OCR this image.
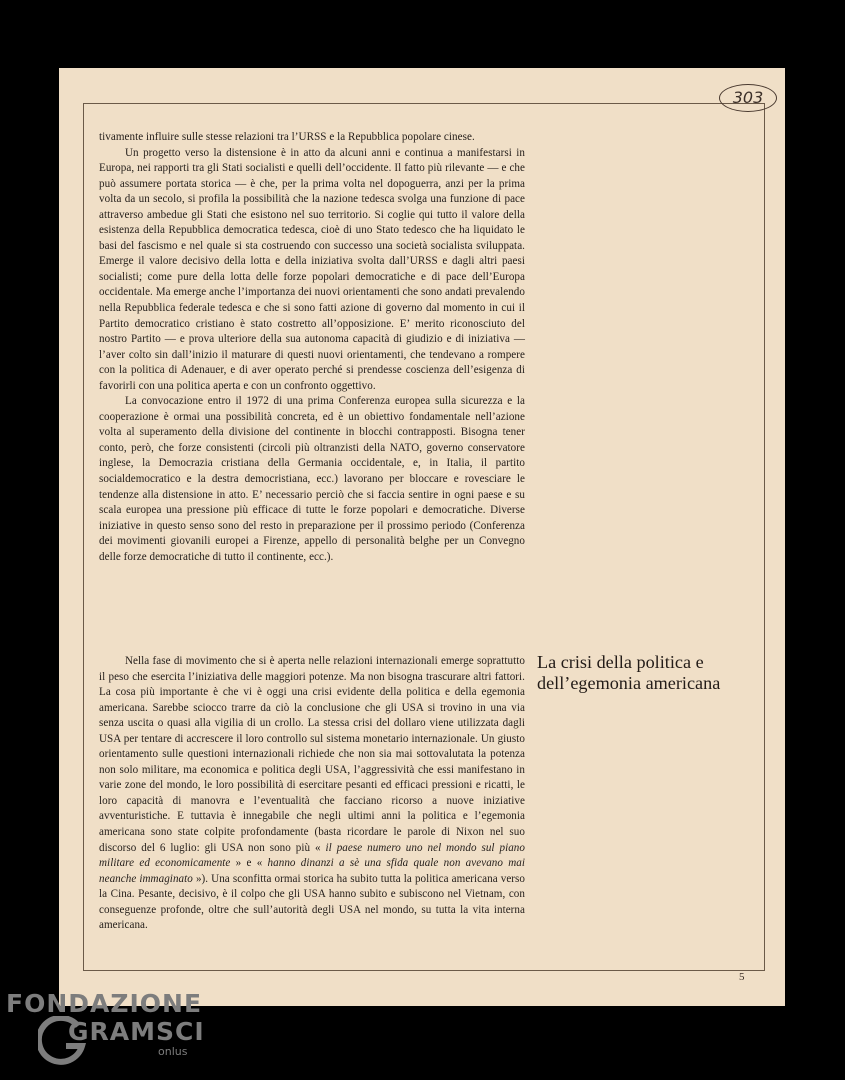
303

tivamente influire sulle stesse relazioni tra l’URSS e la Repubblica popolare cinese.

Un progetto verso la distensione è in atto da alcuni anni e continua a manifestarsi in Europa, nei rapporti tra gli Stati socialisti e quelli dell’occidente. Il fatto più rilevante — e che può assumere portata storica — è che, per la prima volta nel dopoguerra, anzi per la prima volta da un secolo, si profila la possibilità che la nazione tedesca svolga una funzione di pace attraverso ambedue gli Stati che esistono nel suo territorio. Si coglie qui tutto il valore della esistenza della Repubblica democratica tedesca, cioè di uno Stato tedesco che ha liquidato le basi del fascismo e nel quale si sta costruendo con successo una società socialista sviluppata. Emerge il valore decisivo della lotta e della iniziativa svolta dall’URSS e dagli altri paesi socialisti; come pure della lotta delle forze popolari democratiche e di pace dell’Europa occidentale. Ma emerge anche l’importanza dei nuovi orientamenti che sono andati prevalendo nella Repubblica federale tedesca e che si sono fatti azione di governo dal momento in cui il Partito democratico cristiano è stato costretto all’opposizione. E’ merito riconosciuto del nostro Partito — e prova ulteriore della sua autonoma capacità di giudizio e di iniziativa — l’aver colto sin dall’inizio il maturare di questi nuovi orientamenti, che tendevano a rompere con la politica di Adenauer, e di aver operato perché si prendesse coscienza dell’esigenza di favorirli con una politica aperta e con un confronto oggettivo.

La convocazione entro il 1972 di una prima Conferenza europea sulla sicurezza e la cooperazione è ormai una possibilità concreta, ed è un obiettivo fondamentale nell’azione volta al superamento della divisione del continente in blocchi contrapposti. Bisogna tener conto, però, che forze consistenti (circoli più oltranzisti della NATO, governo conservatore inglese, la Democrazia cristiana della Germania occidentale, e, in Italia, il partito socialdemocratico e la destra democristiana, ecc.) lavorano per bloccare e rovesciare le tendenze alla distensione in atto. E’ necessario perciò che si faccia sentire in ogni paese e su scala europea una pressione più efficace di tutte le forze popolari e democratiche. Diverse iniziative in questo senso sono del resto in preparazione per il prossimo periodo (Conferenza dei movimenti giovanili europei a Firenze, appello di personalità belghe per un Convegno delle forze democratiche di tutto il continente, ecc.).

La crisi della politica e dell’egemonia americana

Nella fase di movimento che si è aperta nelle relazioni internazionali emerge soprattutto il peso che esercita l’iniziativa delle maggiori potenze. Ma non bisogna trascurare altri fattori. La cosa più importante è che vi è oggi una crisi evidente della politica e della egemonia americana. Sarebbe sciocco trarre da ciò la conclusione che gli USA si trovino in una via senza uscita o quasi alla vigilia di un crollo. La stessa crisi del dollaro viene utilizzata dagli USA per tentare di accrescere il loro controllo sul sistema monetario internazionale. Un giusto orientamento sulle questioni internazionali richiede che non sia mai sottovalutata la potenza non solo militare, ma economica e politica degli USA, l’aggressività che essi manifestano in varie zone del mondo, le loro possibilità di esercitare pesanti ed efficaci pressioni e ricatti, le loro capacità di manovra e l’eventualità che facciano ricorso a nuove iniziative avventuristiche. E tuttavia è innegabile che negli ultimi anni la politica e l’egemonia americana sono state colpite profondamente (basta ricordare le parole di Nixon nel suo discorso del 6 luglio: gli USA non sono più « il paese numero uno nel mondo sul piano militare ed economicamente » e « hanno dinanzi a sè una sfida quale non avevano mai neanche immaginato »). Una sconfitta ormai storica ha subito tutta la politica americana verso la Cina. Pesante, decisivo, è il colpo che gli USA hanno subito e subiscono nel Vietnam, con conseguenze profonde, oltre che sull’autorità degli USA nel mondo, su tutta la vita interna americana.

5
FONDAZIONE
GRAMSCI
onlus
